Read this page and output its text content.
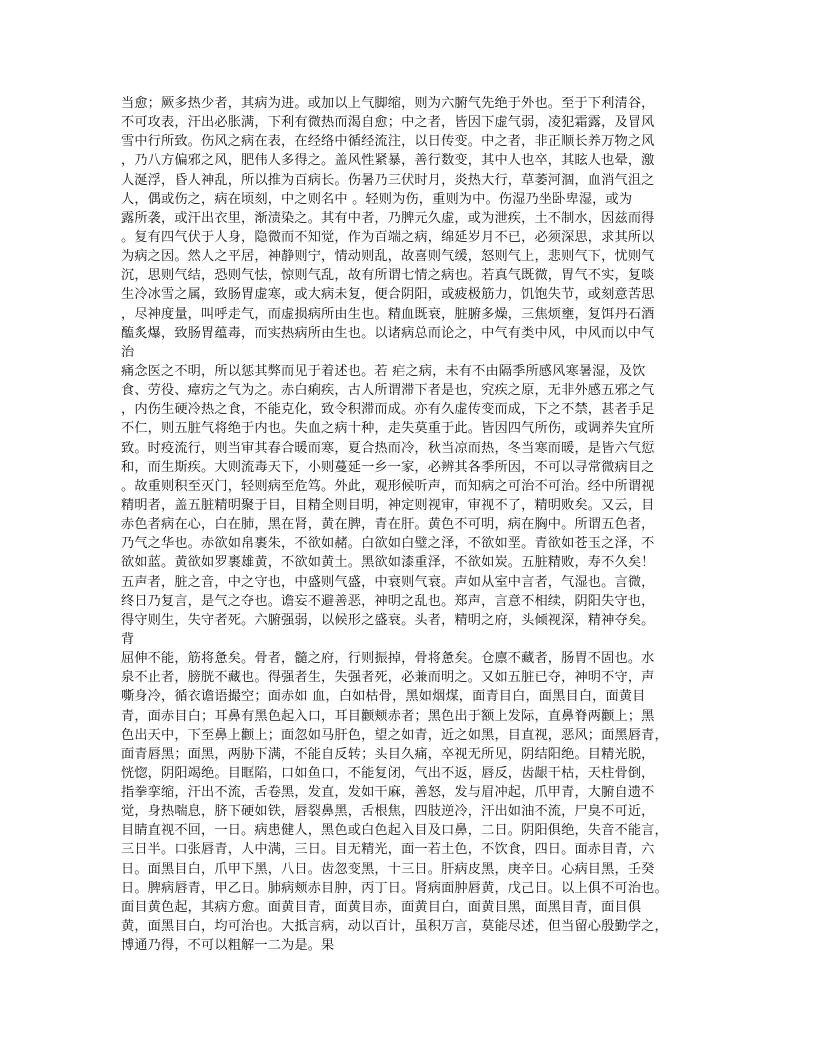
当愈；厥多热少者，其病为进。或加以上气脚缩，则为六腑气先绝于外也。至于下利清谷，
不可攻表，汗出必胀满，下利有微热而渴自愈；中之者，皆因下虚气弱，凌犯霜露，及冒风
雪中行所致。伤风之病在表，在经络中循经流注，以日传变。中之者，非正顺长养万物之风
，乃八方偏邪之风，肥伟人多得之。盖风性紧暴，善行数变，其中人也卒，其眩人也晕，激
人涎浮，昏人神乱，所以推为百病长。伤暑乃三伏时月，炎热大行，草萎河涸，血消气沮之
人，偶或伤之，病在顷刻，中之则名中 。轻则为伤，重则为中。伤湿乃坐卧卑湿，或为
露所袭，或汗出衣里，渐渍染之。其有中者，乃脾元久虚，或为泄疾，土不制水，因兹而得
。复有四气伏于人身，隐微而不知觉，作为百端之病，绵延岁月不已，必须深思，求其所以
为病之因。然人之平居，神静则宁，情动则乱，故喜则气缓，怒则气上，悲则气下，忧则气
沉，思则气结，恐则气怯，惊则气乱，故有所谓七情之病也。若真气既微，胃气不实，复啖
生冷冰雪之属，致肠胃虚寒，或大病未复，便合阴阳，或疲极筋力，饥饱失节，或刻意苦思
，尽神度量，叫呼走气，而虚损病所由生也。精血既衰，脏腑多燥，三焦烦壅，复饵丹石酒
醢炙爆，致肠胃蕴毒，而实热病所由生也。以诸病总而论之，中气有类中风，中风而以中气
治
痛念医之不明，所以惩其弊而见于着述也。若 疟之病，未有不由隔季所感风寒暑湿，及饮
食、劳役、瘴疠之气为之。赤白痢疾，古人所谓滞下者是也，究疾之原，无非外感五邪之气
，内伤生硬冷热之食，不能克化，致令积滞而成。亦有久虚传变而成，下之不禁，甚者手足
不仁，则五脏气将绝于内也。失血之病十种，走失莫重于此。皆因四气所伤，或调养失宜所
致。时疫流行，则当审其春合暖而寒，夏合热而冷，秋当凉而热，冬当寒而暖，是皆六气愆
和，而生斯疾。大则流毒天下，小则蔓延一乡一家，必辨其各季所因，不可以寻常微病目之
。故重则积至灭门，轻则病至危笃。外此，观形候听声，而知病之可治不可治。经中所谓视
精明者，盖五脏精明聚于目，目精全则目明，神定则视审，审视不了，精明败矣。又云，目
赤色者病在心，白在肺，黑在肾，黄在脾，青在肝。黄色不可明，病在胸中。所谓五色者，
乃气之华也。赤欲如帛裹朱，不欲如赭。白欲如白璧之泽，不欲如垩。青欲如苍玉之泽，不
欲如蓝。黄欲如罗裹雄黄，不欲如黄土。黑欲如漆重泽，不欲如炭。五脏精败，寿不久矣！
五声者，脏之音，中之守也，中盛则气盛，中衰则气衰。声如从室中言者，气湿也。言微，
终日乃复言，是气之夺也。谵妄不避善恶，神明之乱也。郑声，言意不相续，阴阳失守也，
得守则生，失守者死。六腑强弱，以候形之盛衰。头者，精明之府，头倾视深，精神夺矣。
背
屈伸不能，筋将惫矣。骨者，髓之府，行则振掉，骨将惫矣。仓廪不藏者，肠胃不固也。水
泉不止者，膀胱不藏也。得强者生，失强者死，必兼而明之。又如五脏已夺，神明不守，声
嘶身冷，循衣谵语撮空；面赤如 血，白如枯骨，黑如烟煤，面青目白，面黑目白，面黄目
青，面赤目白；耳鼻有黑色起入口，耳目颧颊赤者；黑色出于额上发际，直鼻脊两颧上；黑
色出天中，下至鼻上颧上；面忽如马肝色，望之如青，近之如黑，目直视，恶风；面黑唇青，
面青唇黑；面黑，两胁下满，不能自反转；头目久痛，卒视无所见，阴结阳绝。目精光脱，
恍惚，阴阳竭绝。目眶陷，口如鱼口，不能复闭，气出不返，唇反，齿龈干枯，天柱骨倒，
指拳挛缩，汗出不流，舌卷黑，发直，发如干麻，善怒，发与眉冲起，爪甲青，大腑自遗不
觉，身热喘息，脐下硬如铁，唇裂鼻黑，舌根焦，四肢逆冷，汗出如油不流，尸臭不可近，
目睛直视不回，一日。病患健人，黑色或白色起入目及口鼻，二日。阴阳俱绝，失音不能言，
三日半。口张唇青，人中满，三日。目无精光，面一若土色，不饮食，四日。面赤目青，六
日。面黑目白，爪甲下黑，八日。齿忽变黑，十三日。肝病皮黑，庚辛日。心病目黑，壬癸
日。脾病唇青，甲乙日。肺病颊赤目肿，丙丁日。肾病面肿唇黄，戊己日。以上俱不可治也。
面目黄色起，其病方愈。面黄目青，面黄目赤，面黄目白，面黄目黑，面黑目青，面目俱
黄，面黑目白，均可治也。大抵言病，动以百计，虽积万言，莫能尽述，但当留心殷勤学之，
博通乃得，不可以粗解一二为是。果
